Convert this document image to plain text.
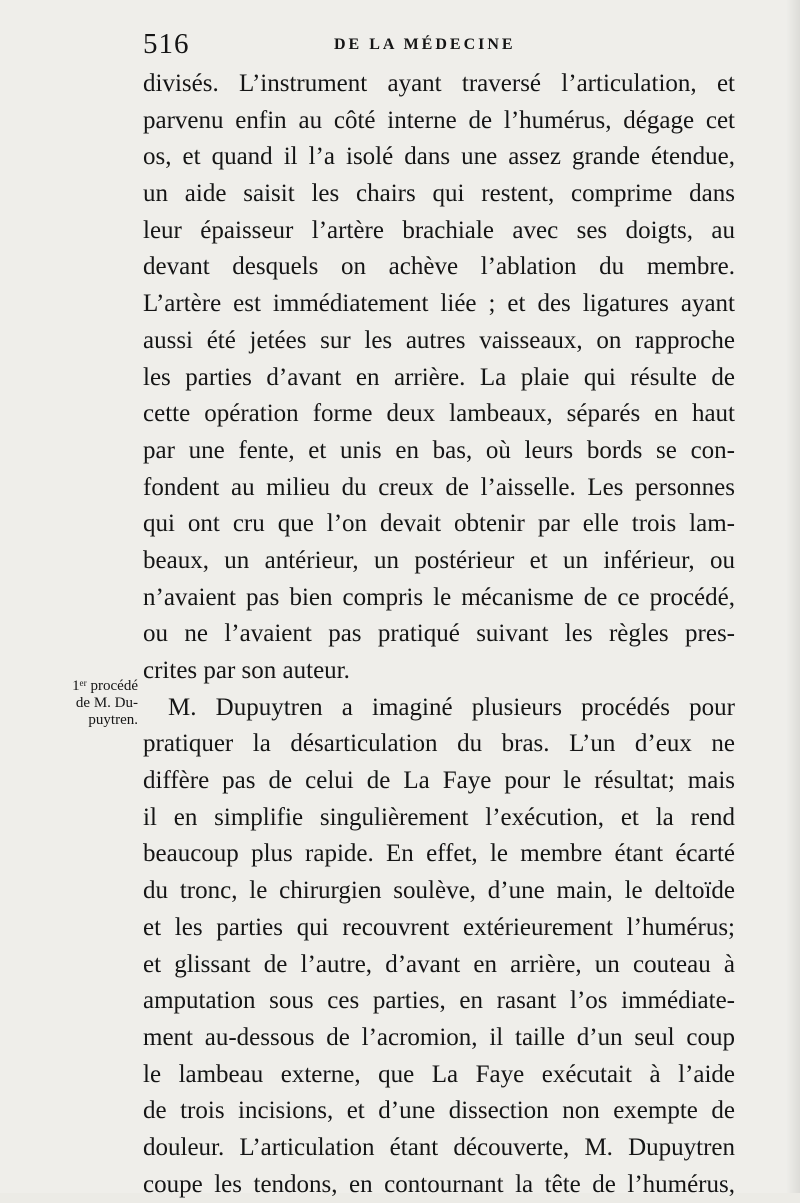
516	DE LA MÉDECINE
1ᵉʳ procédé
de M. Du-
puytren.
divisés. L’instrument ayant traversé l’articulation, et
parvenu enfin au côté interne de l’humérus, dégage cet
os, et quand il l’a isolé dans une assez grande étendue,
un aide saisit les chairs qui restent, comprime dans
leur épaisseur l’artère brachiale avec ses doigts, au
devant desquels on achève l’ablation du membre.
L’artère est immédiatement liée ; et des ligatures ayant
aussi été jetées sur les autres vaisseaux, on rapproche
les parties d’avant en arrière. La plaie qui résulte de
cette opération forme deux lambeaux, séparés en haut
par une fente, et unis en bas, où leurs bords se con-
fondent au milieu du creux de l’aisselle. Les personnes
qui ont cru que l’on devait obtenir par elle trois lam-
beaux, un antérieur, un postérieur et un inférieur, ou
n’avaient pas bien compris le mécanisme de ce procédé,
ou ne l’avaient pas pratiqué suivant les règles pres-
crites par son auteur.
M. Dupuytren a imaginé plusieurs procédés pour
pratiquer la désarticulation du bras. L’un d’eux ne
diffère pas de celui de La Faye pour le résultat; mais
il en simplifie singulièrement l’exécution, et la rend
beaucoup plus rapide. En effet, le membre étant écarté
du tronc, le chirurgien soulève, d’une main, le deltoïde
et les parties qui recouvrent extérieurement l’humérus;
et glissant de l’autre, d’avant en arrière, un couteau à
amputation sous ces parties, en rasant l’os immédiate-
ment au-dessous de l’acromion, il taille d’un seul coup
le lambeau externe, que La Faye exécutait à l’aide
de trois incisions, et d’une dissection non exempte de
douleur. L’articulation étant découverte, M. Dupuytren
coupe les tendons, en contournant la tête de l’humérus,
